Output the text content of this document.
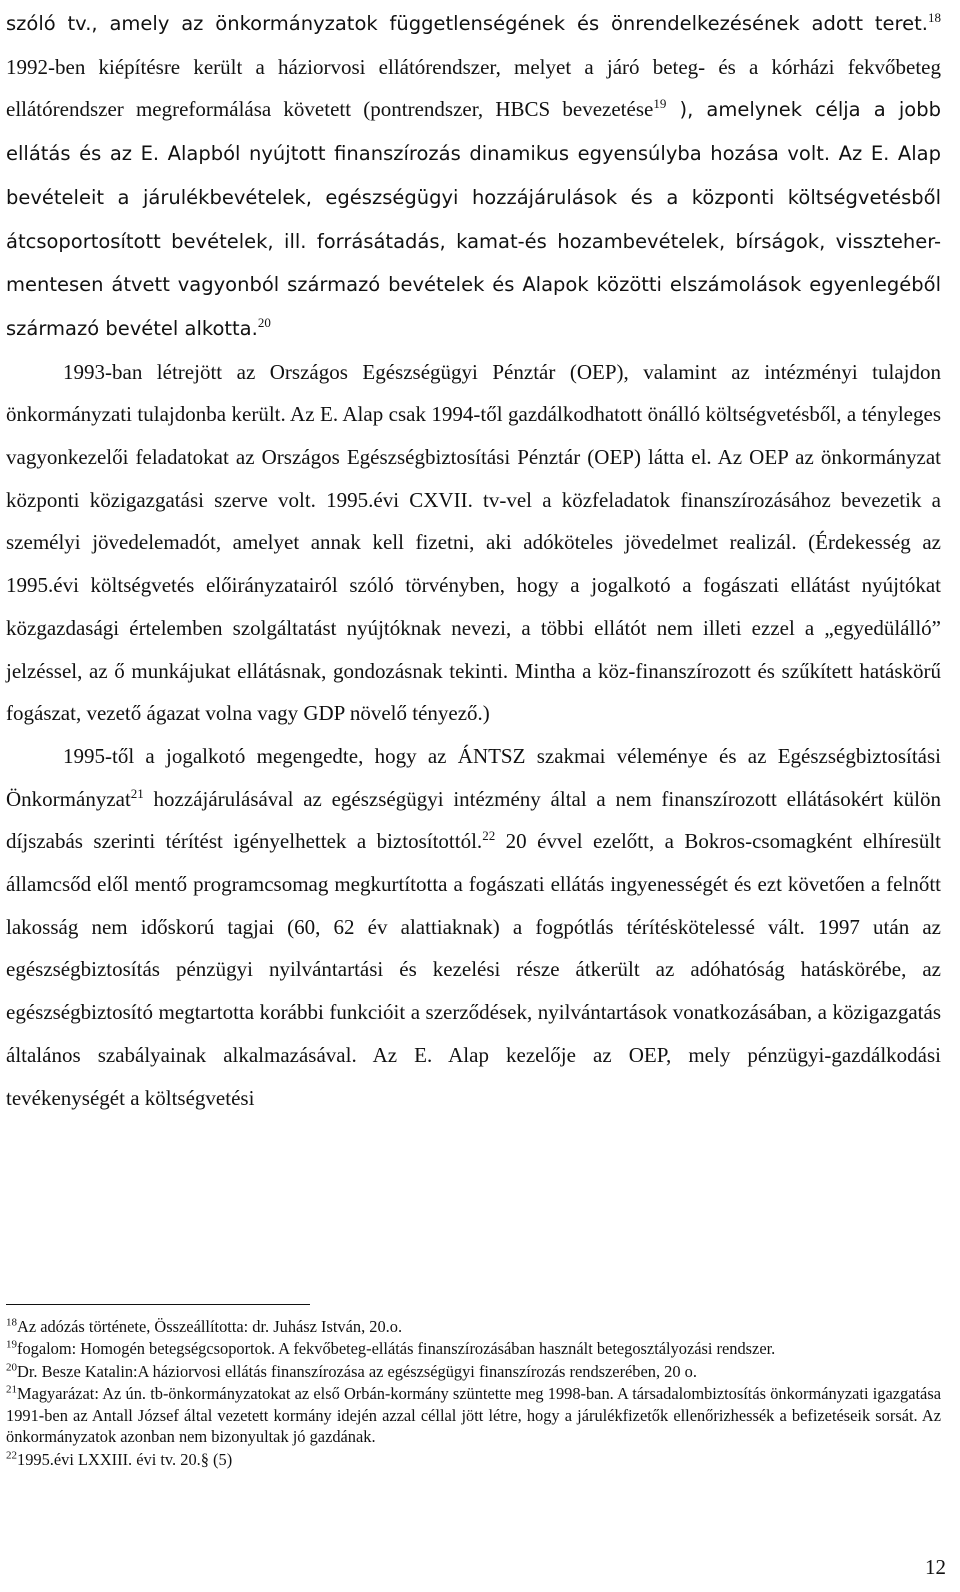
szóló tv., amely az önkormányzatok függetlenségének és önrendelkezésének adott teret.$^{18}$ 1992-ben kiépítésre került a háziorvosi ellátórendszer, melyet a járó beteg- és a kórházi fekvőbeteg ellátórendszer megreformálása követett (pontrendszer, HBCS bevezetése$^{19}$ ), amelynek célja a jobb ellátás és az E. Alapból nyújtott finanszírozás dinamikus egyensúlyba hozása volt. Az E. Alap bevételeit a járulékbevételek, egészségügyi hozzájárulások és a központi költségvetésből átcsoportosított bevételek, ill. forrásátadás, kamat-és hozambevételek, bírságok, visszteher-mentesen átvett vagyonból származó bevételek és Alapok közötti elszámolások egyenlegéből származó bevétel alkotta.$^{20}$

1993-ban létrejött az Országos Egészségügyi Pénztár (OEP), valamint az intézményi tulajdon önkormányzati tulajdonba került. Az E. Alap csak 1994-től gazdálkodhatott önálló költségvetésből, a tényleges vagyonkezelői feladatokat az Országos Egészségbiztosítási Pénztár (OEP) látta el. Az OEP az önkormányzat központi közigazgatási szerve volt. 1995.évi CXVII. tv-vel a közfeladatok finanszírozásához bevezetik a személyi jövedelemadót, amelyet annak kell fizetni, aki adóköteles jövedelmet realizál. (Érdekesség az 1995.évi költségvetés előirányzatairól szóló törvényben, hogy a jogalkotó a fogászati ellátást nyújtókat közgazdasági értelemben szolgáltatást nyújtóknak nevezi, a többi ellátót nem illeti ezzel a „egyedülálló” jelzéssel, az ő munkájukat ellátásnak, gondozásnak tekinti. Mintha a köz-finanszírozott és szűkített hatáskörű fogászat, vezető ágazat volna vagy GDP növelő tényező.)

1995-től a jogalkotó megengedte, hogy az ÁNTSZ szakmai véleménye és az Egészségbiztosítási Önkormányzat$^{21}$ hozzájárulásával az egészségügyi intézmény által a nem finanszírozott ellátásokért külön díjszabás szerinti térítést igényelhettek a biztosítottól.$^{22}$ 20 évvel ezelőtt, a Bokros-csomagként elhíresült államcsőd elől mentő programcsomag megkurtította a fogászati ellátás ingyenességét és ezt követően a felnőtt lakosság nem időskorú tagjai (60, 62 év alattiaknak) a fogpótlás térítéskötelessé vált. 1997 után az egészségbiztosítás pénzügyi nyilvántartási és kezelési része átkerült az adóhatóság hatáskörébe, az egészségbiztosító megtartotta korábbi funkcióit a szerződések, nyilvántartások vonatkozásában, a közigazgatás általános szabályainak alkalmazásával. Az E. Alap kezelője az OEP, mely pénzügyi-gazdálkodási tevékenységét a költségvetési

$^{18}$Az adózás története, Összeállította: dr. Juhász István, 20.o.

$^{19}$fogalom: Homogén betegségcsoportok. A fekvőbeteg-ellátás finanszírozásában használt betegosztályozási rendszer.

$^{20}$Dr. Besze Katalin:A háziorvosi ellátás finanszírozása az egészségügyi finanszírozás rendszerében, 20 o.

$^{21}$Magyarázat: Az ún. tb-önkormányzatokat az első Orbán-kormány szüntette meg 1998-ban. A társadalombiztosítás önkormányzati igazgatása 1991-ben az Antall József által vezetett kormány idején azzal céllal jött létre, hogy a járulékfizetők ellenőrizhessék a befizetéseik sorsát. Az önkormányzatok azonban nem bizonyultak jó gazdának.

$^{22}$1995.évi LXXIII. évi tv. 20.§ (5)

12
